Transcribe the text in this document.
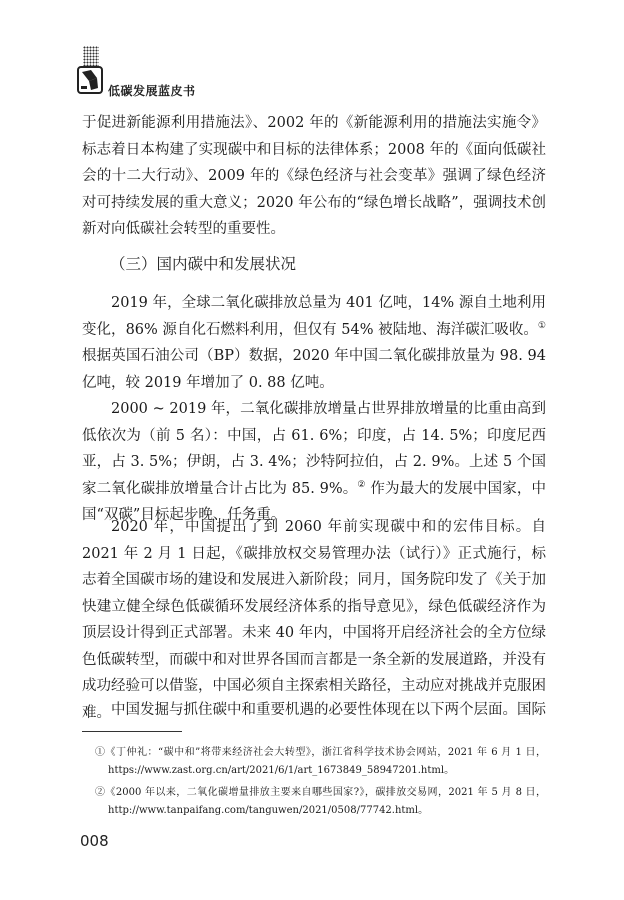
低碳发展蓝皮书

于促进新能源利用措施法》、2002 年的《新能源利用的措施法实施令》标志着日本构建了实现碳中和目标的法律体系；2008 年的《面向低碳社会的十二大行动》、2009 年的《绿色经济与社会变革》强调了绿色经济对可持续发展的重大意义；2020 年公布的“绿色增长战略”，强调技术创新对向低碳社会转型的重要性。

（三）国内碳中和发展状况

2019 年，全球二氧化碳排放总量为 401 亿吨，14% 源自土地利用变化，86% 源自化石燃料利用，但仅有 54% 被陆地、海洋碳汇吸收。① 根据英国石油公司（BP）数据，2020 年中国二氧化碳排放量为 98. 94 亿吨，较 2019 年增加了 0. 88 亿吨。

2000 ~ 2019 年，二氧化碳排放增量占世界排放增量的比重由高到低依次为（前 5 名）：中国，占 61. 6%；印度，占 14. 5%；印度尼西亚，占 3. 5%；伊朗，占 3. 4%；沙特阿拉伯，占 2. 9%。上述 5 个国家二氧化碳排放增量合计占比为 85. 9%。② 作为最大的发展中国家，中国“双碳”目标起步晚、任务重。

2020 年，中国提出了到 2060 年前实现碳中和的宏伟目标。自 2021 年 2 月 1 日起，《碳排放权交易管理办法（试行）》正式施行，标志着全国碳市场的建设和发展进入新阶段；同月，国务院印发了《关于加快建立健全绿色低碳循环发展经济体系的指导意见》，绿色低碳经济作为顶层设计得到正式部署。未来 40 年内，中国将开启经济社会的全方位绿色低碳转型，而碳中和对世界各国而言都是一条全新的发展道路，并没有成功经验可以借鉴，中国必须自主探索相关路径，主动应对挑战并克服困难。 中国发掘与抓住碳中和重要机遇的必要性体现在以下两个层面。国际

①《丁仲礼：“碳中和”将带来经济社会大转型》，浙江省科学技术协会网站，2021 年 6 月 1 日，https://www.zast.org.cn/art/2021/6/1/art_1673849_58947201.html。

②《2000 年以来，二氧化碳增量排放主要来自哪些国家?》，碳排放交易网，2021 年 5 月 8 日，http://www.tanpaifang.com/tanguwen/2021/0508/77742.html。

008
